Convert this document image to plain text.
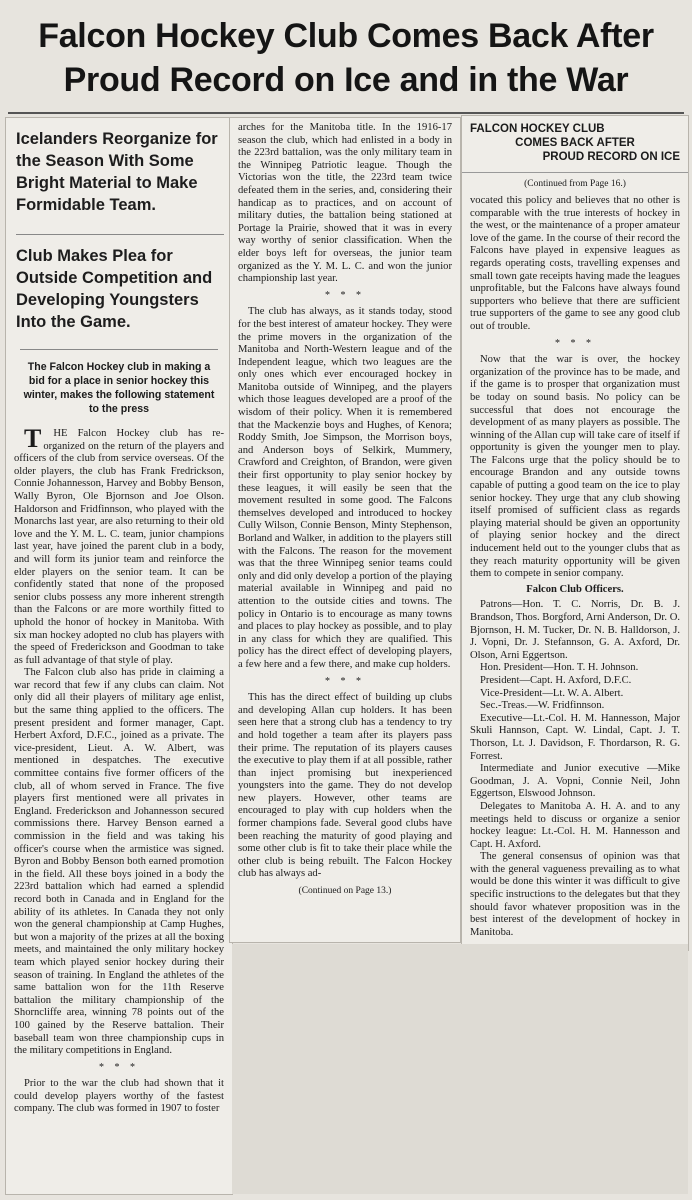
Falcon Hockey Club Comes Back After
Proud Record on Ice and in the War
Icelanders Reorganize for the Season With Some Bright Material to Make Formidable Team.
Club Makes Plea for Outside Competition and Developing Youngsters Into the Game.
The Falcon Hockey club in making a bid for a place in senior hockey this winter, makes the following statement to the press

THE Falcon Hockey club has re-organized on the return of the players and officers of the club from service overseas. Of the older players, the club has Frank Fredrickson, Connie Johannesson, Harvey and Bobby Benson, Wally Byron, Ole Bjornson and Joe Olson. Haldorson and Fridfinnson, who played with the Monarchs last year, are also returning to their old love and the Y. M. L. C. team, junior champions last year, have joined the parent club in a body, and will form its junior team and reinforce the elder players on the senior team. It can be confidently stated that none of the proposed senior clubs possess any more inherent strength than the Falcons or are more worthily fitted to uphold the honor of hockey in Manitoba. With six man hockey adopted no club has players with the speed of Frederickson and Goodman to take as full advantage of that style of play.

The Falcon club also has pride in claiming a war record that few if any clubs can claim. Not only did all their players of military age enlist, but the same thing applied to the officers. The present president and former manager, Capt. Herbert Axford, D.F.C., joined as a private. The vice-president, Lieut. A. W. Albert, was mentioned in despatches. The executive committee contains five former officers of the club, all of whom served in France. The five players first mentioned were all privates in England. Frederickson and Johannesson secured commissions there. Harvey Benson earned a commission in the field and was taking his officer's course when the armistice was signed. Byron and Bobby Benson both earned promotion in the field. All these boys joined in a body the 223rd battalion which had earned a splendid record both in Canada and in England for the ability of its athletes. In Canada they not only won the general championship at Camp Hughes, but won a majority of the prizes at all the boxing meets, and maintained the only military hockey team which played senior hockey during their season of training. In England the athletes of the same battalion won for the 11th Reserve battalion the military championship of the Shorncliffe area, winning 78 points out of the 100 gained by the Reserve battalion. Their baseball team won three championship cups in the military competitions in England.

* * *

Prior to the war the club had shown that it could develop players worthy of the fastest company. The club was formed in 1907 to foster

arches for the Manitoba title. In the 1916-17 season the club, which had enlisted in a body in the 223rd battalion, was the only military team in the Winnipeg Patriotic league. Though the Victorias won the title, the 223rd team twice defeated them in the series, and, considering their handicap as to practices, and on account of military duties, the battalion being stationed at Portage la Prairie, showed that it was in every way worthy of senior classification. When the elder boys left for overseas, the junior team organized as the Y. M. L. C. and won the junior championship last year.

* * *

The club has always, as it stands today, stood for the best interest of amateur hockey. They were the prime movers in the organization of the Manitoba and North-Western league and of the Independent league, which two leagues are the only ones which ever encouraged hockey in Manitoba outside of Winnipeg, and the players which those leagues developed are a proof of the wisdom of their policy. When it is remembered that the Mackenzie boys and Hughes, of Kenora; Roddy Smith, Joe Simpson, the Morrison boys, and Anderson boys of Selkirk, Mummery, Crawford and Creighton, of Brandon, were given their first opportunity to play senior hockey by these leagues, it will easily be seen that the movement resulted in some good. The Falcons themselves developed and introduced to hockey Cully Wilson, Connie Benson, Minty Stephenson, Borland and Walker, in addition to the players still with the Falcons. The reason for the movement was that the three Winnipeg senior teams could only and did only develop a portion of the playing material available in Winnipeg and paid no attention to the outside cities and towns. The policy in Ontario is to encourage as many towns and places to play hockey as possible, and to play in any class for which they are qualified. This policy has the direct effect of developing players, a few here and a few there, and make cup holders.

* * *

This has the direct effect of building up clubs and developing Allan cup holders. It has been seen here that a strong club has a tendency to try and hold together a team after its players pass their prime. The reputation of its players causes the executive to play them if at all possible, rather than inject promising but inexperienced youngsters into the game. They do not develop new players. However, other teams are encouraged to play with cup holders when the former champions fade. Several good clubs have been reaching the maturity of good playing and some other club is fit to take their place while the other club is being rebuilt. The Falcon Hockey club has always ad-

(Continued on Page 13.)
FALCON HOCKEY CLUB
COMES BACK AFTER
PROUD RECORD ON ICE
(Continued from Page 16.)

vocated this policy and believes that no other is comparable with the true interests of hockey in the west, or the maintenance of a proper amateur love of the game. In the course of their record the Falcons have played in expensive leagues as regards operating costs, travelling expenses and small town gate receipts having made the leagues unprofitable, but the Falcons have always found supporters who believe that there are sufficient true supporters of the game to see any good club out of trouble.

* * *

Now that the war is over, the hockey organization of the province has to be made, and if the game is to prosper that organization must be today on sound basis. No policy can be successful that does not encourage the development of as many players as possible. The winning of the Allan cup will take care of itself if opportunity is given the younger men to play. The Falcons urge that the policy should be to encourage Brandon and any outside towns capable of putting a good team on the ice to play senior hockey. They urge that any club showing itself promised of sufficient class as regards playing material should be given an opportunity of playing senior hockey and the direct inducement held out to the younger clubs that as they reach maturity opportunity will be given them to compete in senior company.

Falcon Club Officers.

Patrons—Hon. T. C. Norris, Dr. B. J. Brandson, Thos. Borgford, Arni Anderson, Dr. O. Bjornson, H. M. Tucker, Dr. N. B. Halldorson, J. J. Vopni, Dr. J. Stefannson, G. A. Axford, Dr. Olson, Arni Eggertson.

Hon. President—Hon. T. H. Johnson.

President—Capt. H. Axford, D.F.C.

Vice-President—Lt. W. A. Albert.

Sec.-Treas.—W. Fridfinnson.

Executive—Lt.-Col. H. M. Hannesson, Major Skuli Hannson, Capt. W. Lindal, Capt. J. T. Thorson, Lt. J. Davidson, F. Thordarson, R. G. Forrest.

Intermediate and Junior executive —Mike Goodman, J. A. Vopni, Connie Neil, John Eggertson, Elswood Johnson.

Delegates to Manitoba A. H. A. and to any meetings held to discuss or organize a senior hockey league: Lt.-Col. H. M. Hannesson and Capt. H. Axford.

The general consensus of opinion was that with the general vagueness prevailing as to what would be done this winter it was difficult to give specific instructions to the delegates but that they should favor whatever proposition was in the best interest of the development of hockey in Manitoba.
